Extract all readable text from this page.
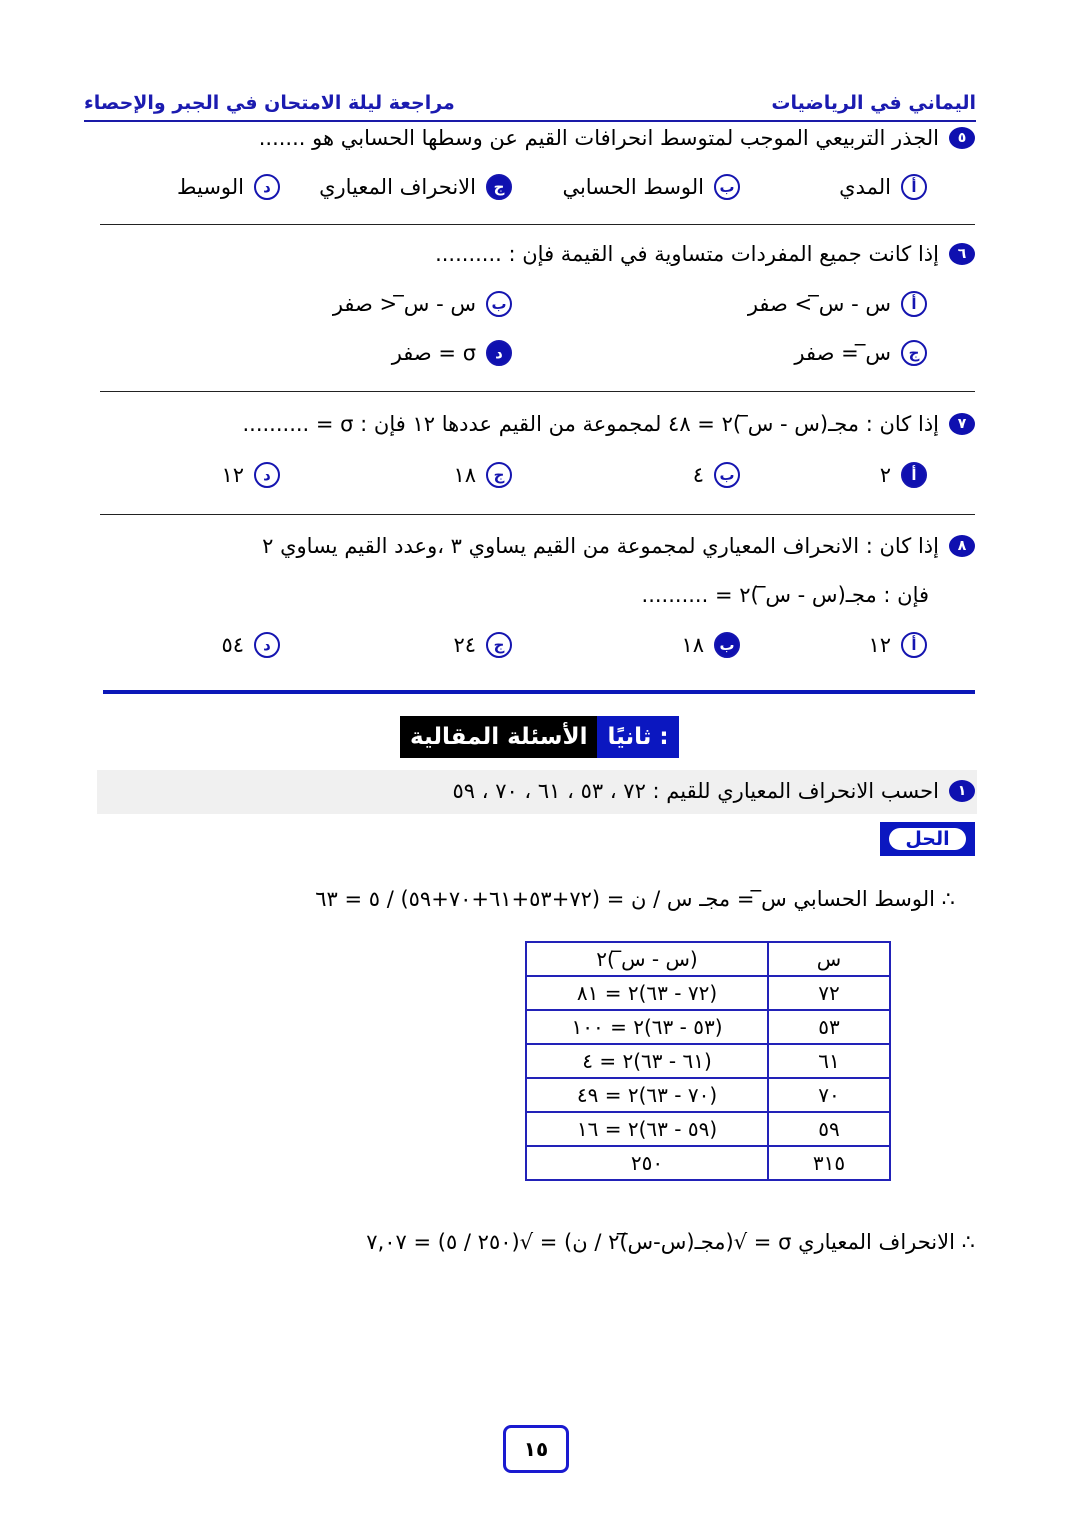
اليماني في الرياضيات
مراجعة ليلة الامتحان في الجبر والإحصاء
٥
الجذر التربيعي الموجب لمتوسط انحرافات القيم عن وسطها الحسابي هو .......
أ
المدي
ب
الوسط الحسابي
ج
الانحراف المعياري
د
الوسيط
٦
إذا كانت جميع المفردات متساوية في القيمة فإن : ..........
أ
س - س̅ > صفر
ب
س - س̅ < صفر
ج
س̅ = صفر
د
σ = صفر
٧
إذا كان : مجـ(س - س̅ )٢ = ٤٨ لمجموعة من القيم عددها ١٢ فإن : σ = ..........
أ
٢
ب
٤
ج
١٨
د
١٢
٨
إذا كان : الانحراف المعياري لمجموعة من القيم يساوي ٣ ،وعدد القيم يساوي ٢
فإن : مجـ(س - س̅ )٢ = ..........
أ
١٢
ب
١٨
ج
٢٤
د
٥٤
الأسئلة المقالية ثانيًا :
١
احسب الانحراف المعياري للقيم : ٧٢ ، ٥٣ ، ٦١ ، ٧٠ ، ٥٩
الحل
∴ الوسط الحسابي س̅ = مجـ س / ن = (٧٢+٥٣+٦١+٧٠+٥٩) / ٥ = ٦٣
س	(س - س̅ )٢
٧٢	(٧٢ - ٦٣)٢ = ٨١
٥٣	(٥٣ - ٦٣)٢ = ١٠٠
٦١	(٦١ - ٦٣)٢ = ٤
٧٠	(٧٠ - ٦٣)٢ = ٤٩
٥٩	(٥٩ - ٦٣)٢ = ١٦
٣١٥	٢٥٠
∴ الانحراف المعياري σ = √(مجـ(س-س̅)٢ / ن) = √(٢٥٠ / ٥) = ٧,٠٧
١٥
